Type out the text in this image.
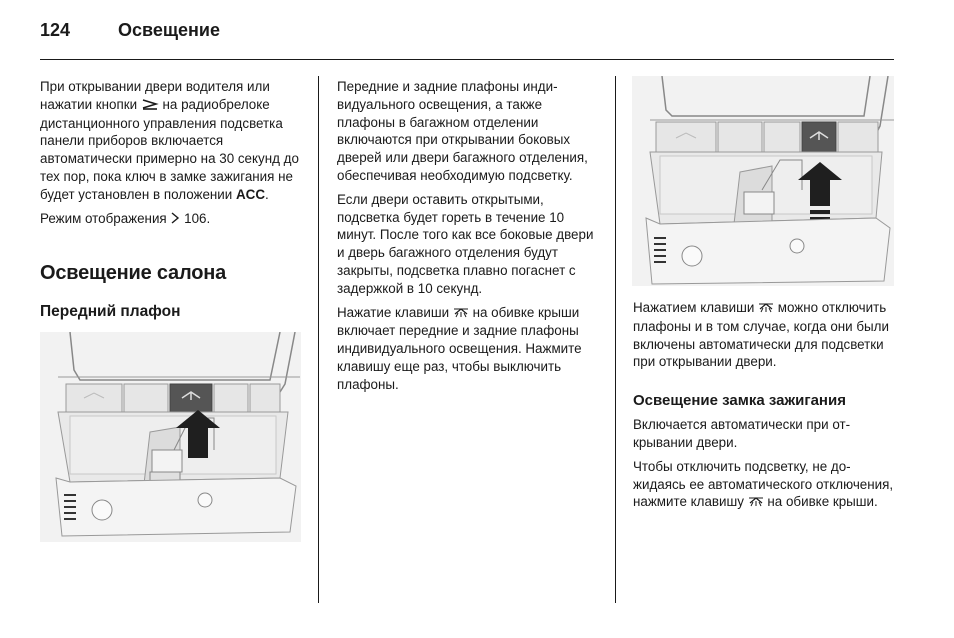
124	Освещение

При открывании двери водителя или нажатии кнопки на радиобрелоке дистанционного управления подсветка панели приборов включается автоматически примерно на 30 секунд до тех пор, пока ключ в замке зажигания не будет установлен в положении ACC.

Режим отображения 106.

Освещение салона
Передний плафон

Передние и задние плафоны индивидуального освещения, а также плафоны в багажном отделении включаются при открывании боковых дверей или двери багажного отделения, обеспечивая необходимую подсветку.

Если двери оставить открытыми, подсветка будет гореть в течение 10 минут. После того как все боковые двери и дверь багажного отделения будут закрыты, подсветка плавно погаснет с задержкой в 10 секунд.

Нажатие клавиши на обивке крыши включает передние и задние плафоны индивидуального освещения. Нажмите клавишу еще раз, чтобы выключить плафоны.

Нажатием клавиши можно отключить плафоны и в том случае, когда они были включены автоматически для подсветки при открывании двери.

Освещение замка зажигания

Включается автоматически при открывании двери.

Чтобы отключить подсветку, не дожидаясь ее автоматического отключения, нажмите клавишу на обивке крыши.
